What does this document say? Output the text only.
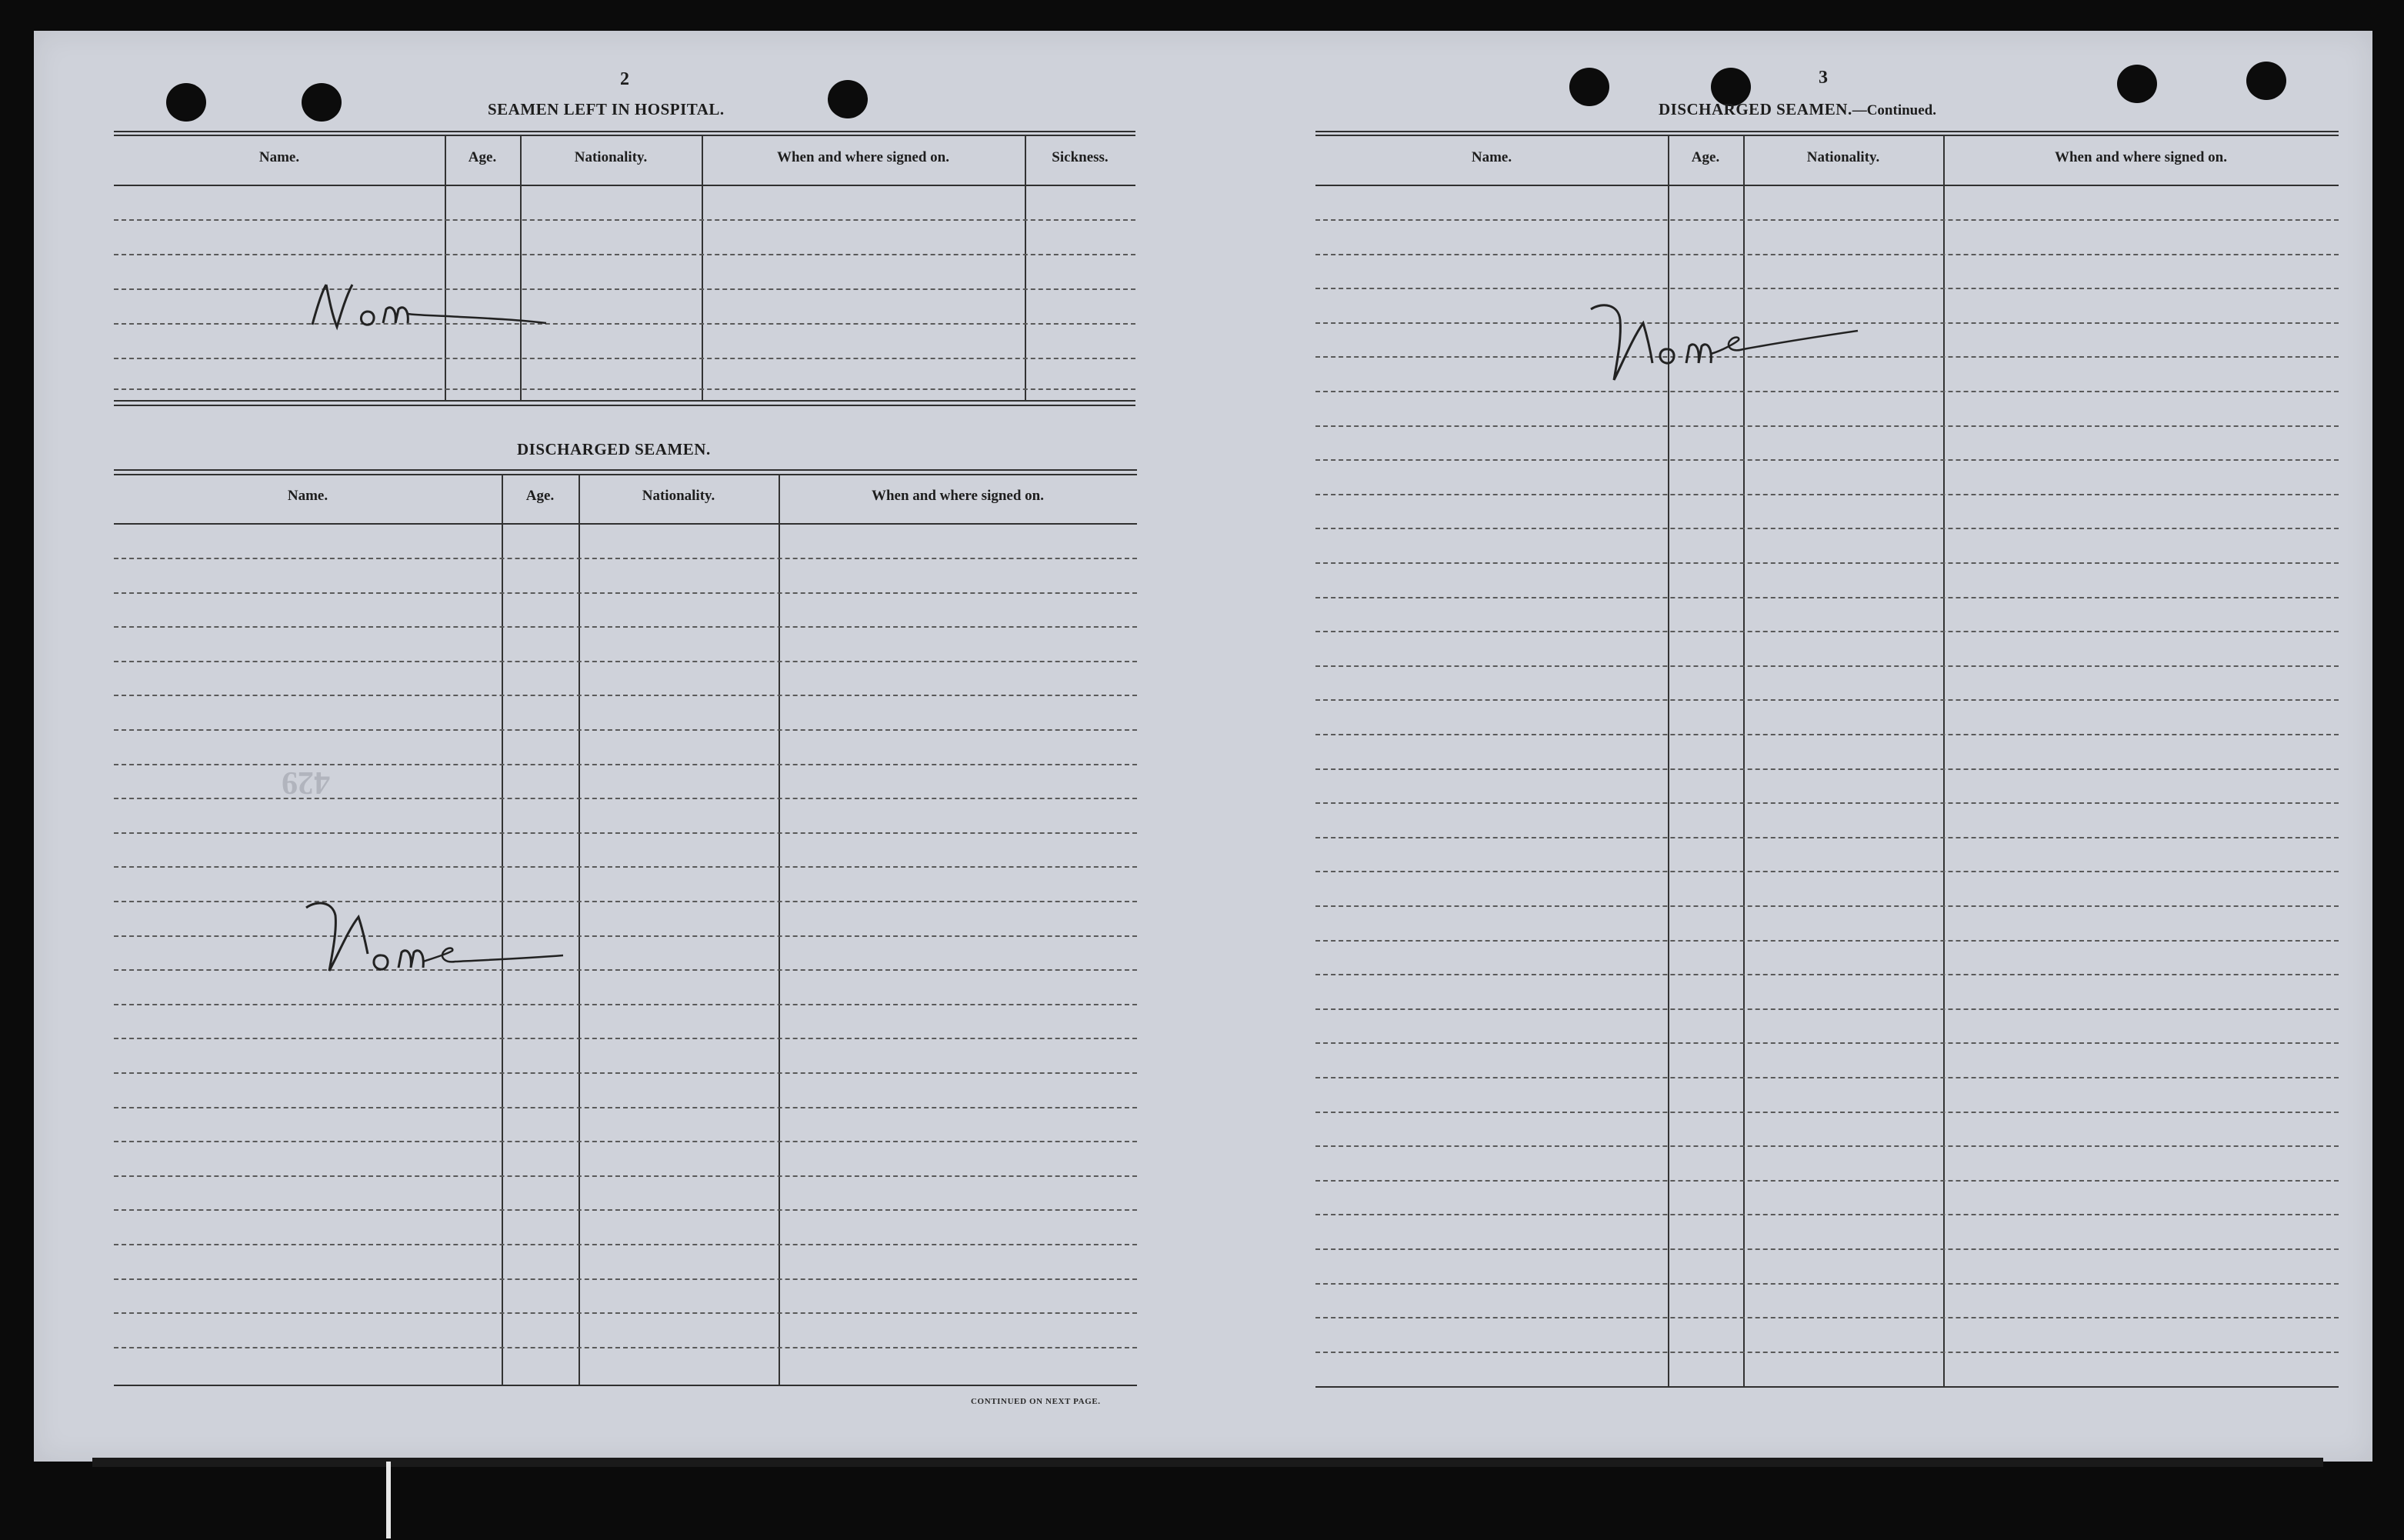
2
SEAMEN LEFT IN HOSPITAL.
Name.	Age.	Nationality.	When and where signed on.	Sickness.
DISCHARGED SEAMEN.
Name.	Age.	Nationality.	When and where signed on.
429
CONTINUED ON NEXT PAGE.
3
DISCHARGED SEAMEN.—Continued.
Name.	Age.	Nationality.	When and where signed on.
